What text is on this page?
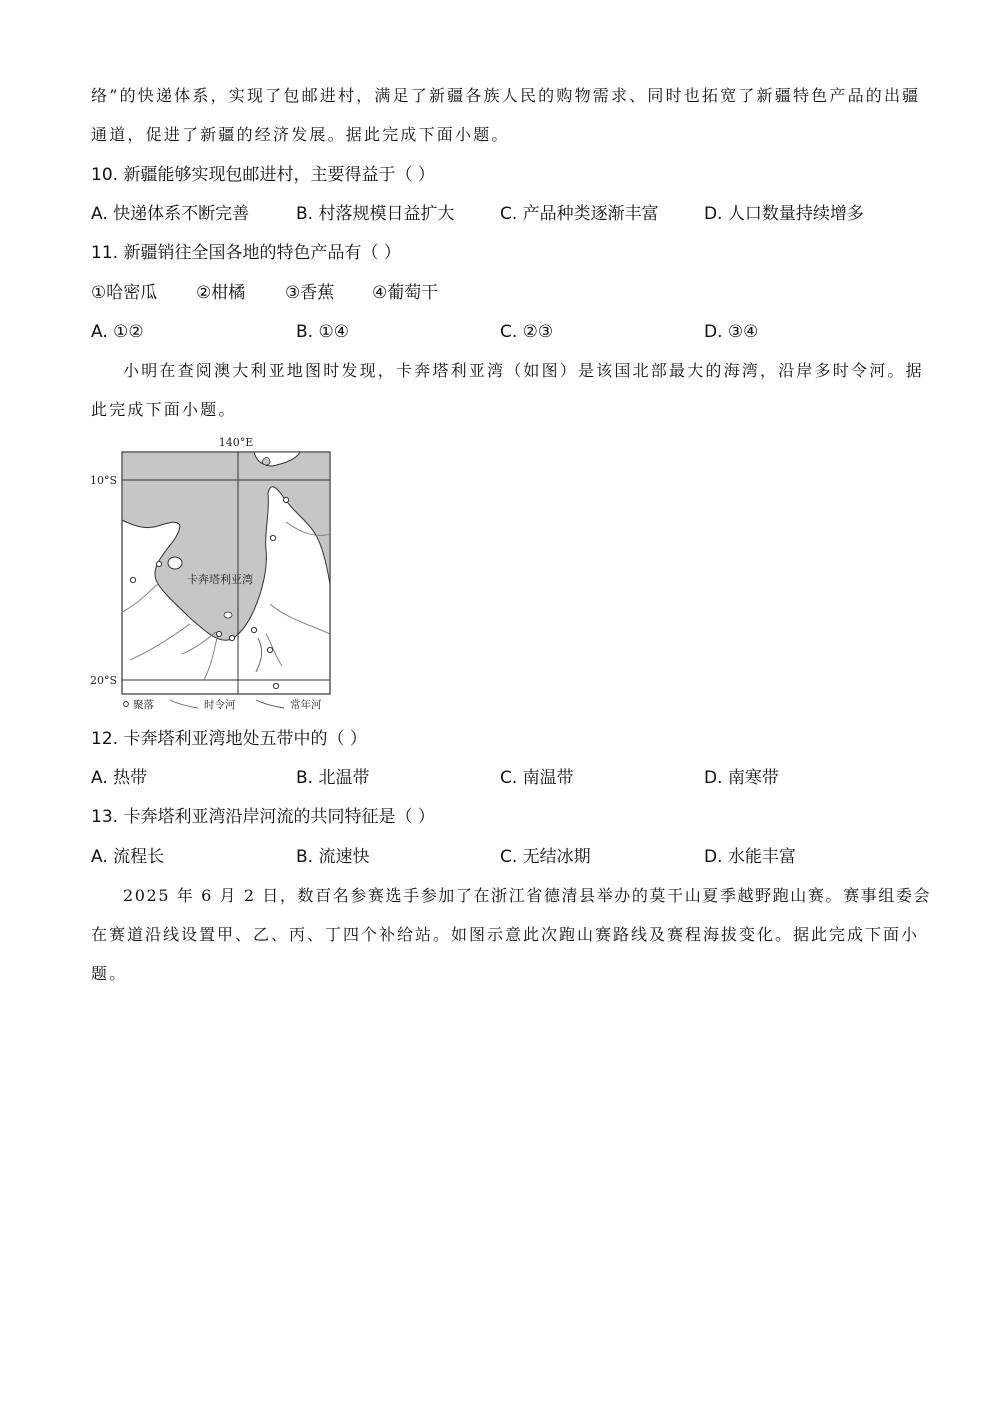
络”的快递体系，实现了包邮进村，满足了新疆各族人民的购物需求、同时也拓宽了新疆特色产品的出疆
通道，促进了新疆的经济发展。据此完成下面小题。
10. 新疆能够实现包邮进村，主要得益于（ ）
A. 快递体系不断完善	B. 村落规模日益扩大	C. 产品种类逐渐丰富	D. 人口数量持续增多
11. 新疆销往全国各地的特色产品有（ ）
①哈密瓜 ②柑橘 ③香蕉 ④葡萄干
A. ①②	B. ①④	C. ②③	D. ③④
小明在查阅澳大利亚地图时发现，卡奔塔利亚湾（如图）是该国北部最大的海湾，沿岸多时令河。据
此完成下面小题。
140°E
10°S
20°S
卡奔塔利亚湾
聚落	时令河	常年河
12. 卡奔塔利亚湾地处五带中的（ ）
A. 热带	B. 北温带	C. 南温带	D. 南寒带
13. 卡奔塔利亚湾沿岸河流的共同特征是（ ）
A. 流程长	B. 流速快	C. 无结冰期	D. 水能丰富
2025 年 6 月 2 日，数百名参赛选手参加了在浙江省德清县举办的莫干山夏季越野跑山赛。赛事组委会
在赛道沿线设置甲、乙、丙、丁四个补给站。如图示意此次跑山赛路线及赛程海拔变化。据此完成下面小
题。
